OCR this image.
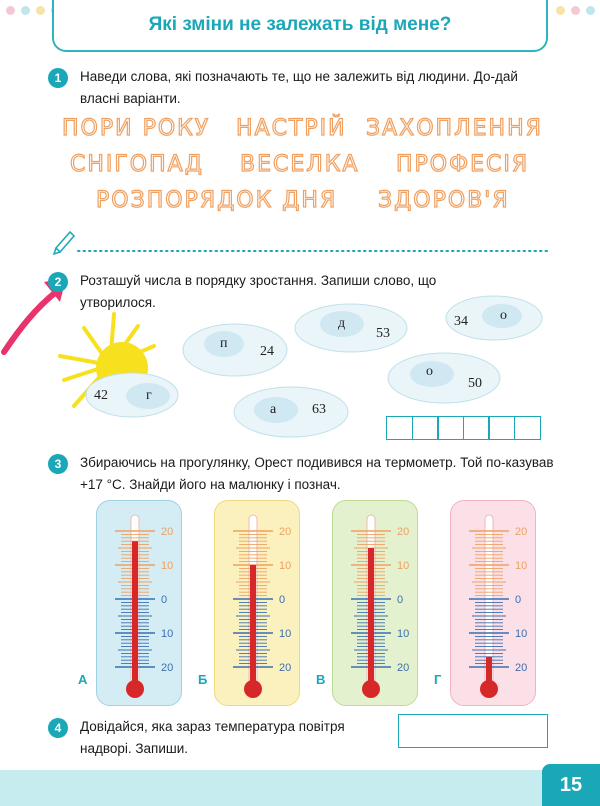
Які зміни не залежать від мене?
1	Наведи слова, які позначають те, що не залежить від людини. До-дай власні варіанти.
ПОРИ РОКУ НАСТРІЙ ЗАХОПЛЕННЯ
СНІГОПАД ВЕСЕЛКА ПРОФЕСІЯ
РОЗПОРЯДОК ДНЯ ЗДОРОВ'Я
2	Розташуй числа в порядку зростання. Запиши слово, що утворилося.
п
24
д
53
34 о
42	г
о
50
а	63
3	Збираючись на прогулянку, Орест подивився на термометр. Той по-казував +17 °С. Знайди його на малюнку і познач.
А	Б	В	Г
20
10
0
10
20
20
10
0
10
20
20
10
0
10
20
20
10
0
10
20
4	Довідайся, яка зараз температура повітря надворі. Запиши.
15
